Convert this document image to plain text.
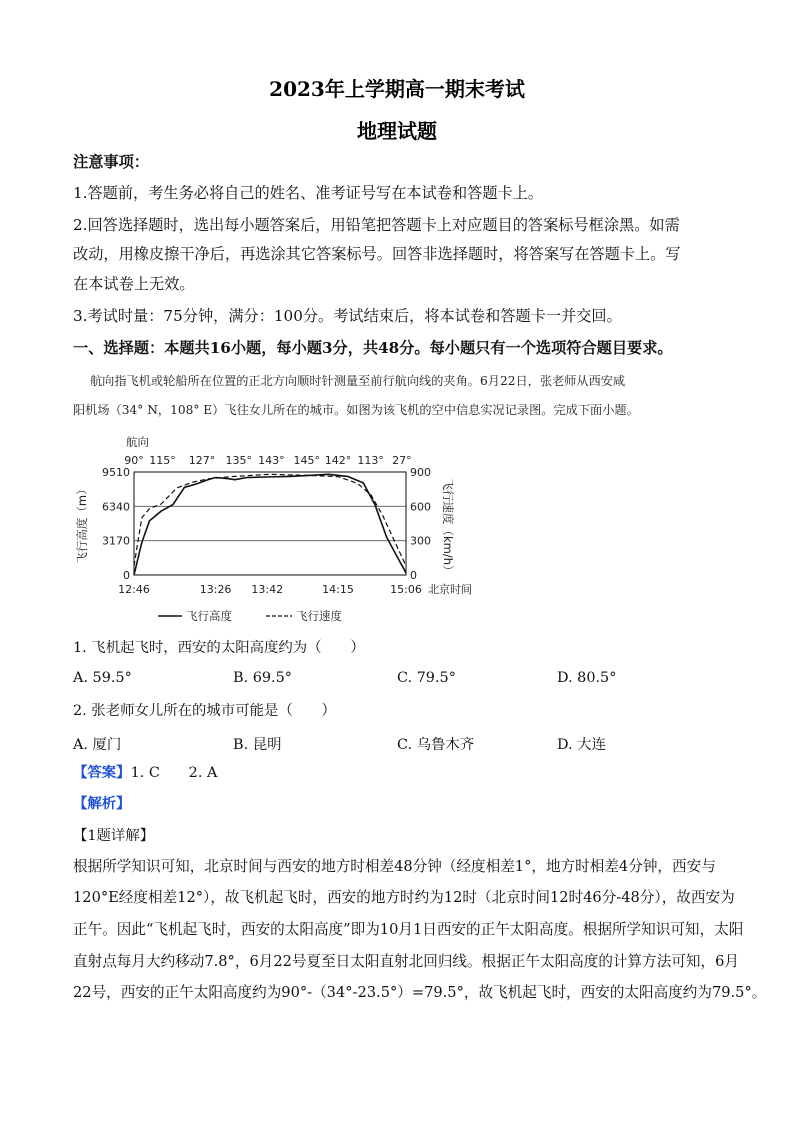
2023年上学期高一期末考试
地理试题
注意事项：
1.答题前，考生务必将自己的姓名、准考证号写在本试卷和答题卡上。
2.回答选择题时，选出每小题答案后，用铅笔把答题卡上对应题目的答案标号框涂黑。如需
改动，用橡皮擦干净后，再选涂其它答案标号。回答非选择题时，将答案写在答题卡上。写
在本试卷上无效。
3.考试时量：75分钟，满分：100分。考试结束后，将本试卷和答题卡一并交回。
一、选择题：本题共16小题，每小题3分，共48分。每小题只有一个选项符合题目要求。
航向指飞机或轮船所在位置的正北方向顺时针测量至前行航向线的夹角。6月22日，张老师从西安咸
阳机场（34° N，108° E）飞往女儿所在的城市。如图为该飞机的空中信息实况记录图。完成下面小题。
航向
90° 115° 127° 135° 143° 145° 142° 113° 27°
0
3170
6340
9510
0
300
600
900
12:46	13:26 13:42	14:15	15:06 北京时间
飞行高度（m）	飞行速度（km/h）
飞行高度	飞行速度
1. 飞机起飞时，西安的太阳高度约为（　　）
A. 59.5°	B. 69.5°	C. 79.5°	D. 80.5°
2. 张老师女儿所在的城市可能是（　　）
A. 厦门	B. 昆明	C. 乌鲁木齐	D. 大连
【答案】1. C　　2. A
【解析】
【1题详解】
根据所学知识可知，北京时间与西安的地方时相差48分钟（经度相差1°，地方时相差4分钟，西安与
120°E经度相差12°），故飞机起飞时，西安的地方时约为12时（北京时间12时46分-48分），故西安为
正午。因此“飞机起飞时，西安的太阳高度”即为10月1日西安的正午太阳高度。根据所学知识可知，太阳
直射点每月大约移动7.8°，6月22号夏至日太阳直射北回归线。根据正午太阳高度的计算方法可知，6月
22号，西安的正午太阳高度约为90°-（34°-23.5°）=79.5°，故飞机起飞时，西安的太阳高度约为79.5°。
